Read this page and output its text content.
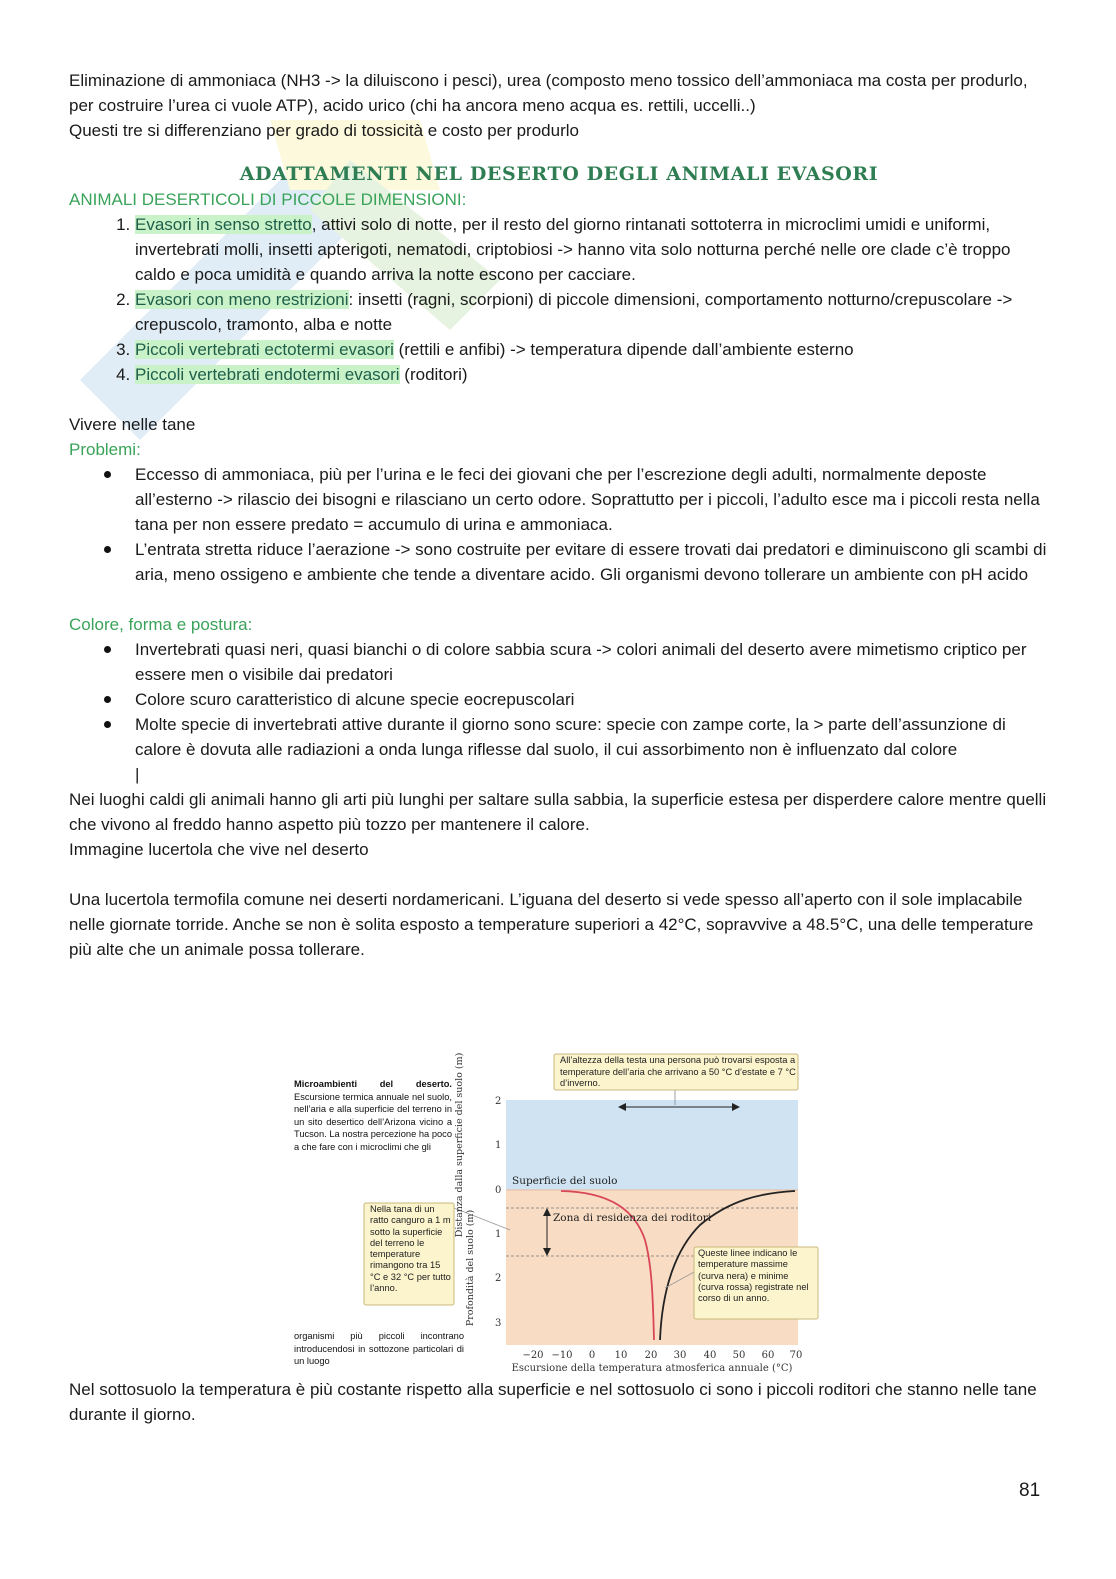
Eliminazione di ammoniaca (NH3 -> la diluiscono i pesci), urea (composto meno tossico dell’ammoniaca ma costa per produrlo, per costruire l’urea ci vuole ATP), acido urico (chi ha ancora meno acqua es. rettili, uccelli..)

Questi tre si differenziano per grado di tossicità e costo per produrlo

ADATTAMENTI NEL DESERTO DEGLI ANIMALI EVASORI

ANIMALI DESERTICOLI DI PICCOLE DIMENSIONI:

1. Evasori in senso stretto, attivi solo di notte, per il resto del giorno rintanati sottoterra in microclimi umidi e uniformi, invertebrati molli, insetti apterigoti, nematodi, criptobiosi -> hanno vita solo notturna perché nelle ore clade c’è troppo caldo e poca umidità e quando arriva la notte escono per cacciare.
2. Evasori con meno restrizioni: insetti (ragni, scorpioni) di piccole dimensioni, comportamento notturno/crepuscolare -> crepuscolo, tramonto, alba e notte
3. Piccoli vertebrati ectotermi evasori (rettili e anfibi) -> temperatura dipende dall’ambiente esterno
4. Piccoli vertebrati endotermi evasori (roditori)

Vivere nelle tane

Problemi:

Eccesso di ammoniaca, più per l’urina e le feci dei giovani che per l’escrezione degli adulti, normalmente deposte all’esterno -> rilascio dei bisogni e rilasciano un certo odore. Soprattutto per i piccoli, l’adulto esce ma i piccoli resta nella tana per non essere predato = accumulo di urina e ammoniaca.
L’entrata stretta riduce l’aerazione -> sono costruite per evitare di essere trovati dai predatori e diminuiscono gli scambi di aria, meno ossigeno e ambiente che tende a diventare acido. Gli organismi devono tollerare un ambiente con pH acido

Colore, forma e postura:

Invertebrati quasi neri, quasi bianchi o di colore sabbia scura -> colori animali del deserto avere mimetismo criptico per essere men o visibile dai predatori
Colore scuro caratteristico di alcune specie eocrepuscolari
Molte specie di invertebrati attive durante il giorno sono scure: specie con zampe corte, la > parte dell’assunzione di calore è dovuta alle radiazioni a onda lunga riflesse dal suolo, il cui assorbimento non è influenzato dal colore

|

Nei luoghi caldi gli animali hanno gli arti più lunghi per saltare sulla sabbia, la superficie estesa per disperdere calore mentre quelli che vivono al freddo hanno aspetto più tozzo per mantenere il calore.

Immagine lucertola che vive nel deserto

Una lucertola termofila comune nei deserti nordamericani. L’iguana del deserto si vede spesso all’aperto con il sole implacabile nelle giornate torride. Anche se non è solita esposto a temperature superiori a 42°C, sopravvive a 48.5°C, una delle temperature più alte che un animale possa tollerare.

Microambienti del deserto. Escursione termica annuale nel suolo, nell’aria e alla superficie del terreno in un sito desertico dell’Arizona vicino a Tucson. La nostra percezione ha poco a che fare con i microclimi che gli
organismi più piccoli incontrano introducendosi in sottozone particolari di un luogo
All’altezza della testa una persona può trovarsi esposta a temperature dell’aria che arrivano a 50 °C d’estate e 7 °C d’inverno.
Nella tana di un ratto canguro a 1 m sotto la superficie del terreno le temperature rimangono tra 15 °C e 32 °C per tutto l’anno.
Queste linee indicano le temperature massime (curva nera) e minime (curva rossa) registrate nel corso di un anno.
Superficie del suolo
Zona di residenza dei roditori
Distanza dalla superficie del suolo (m)
Profondità del suolo (m)
2
1
0
1
2
3
−20 −10 0 10 20 30 40 50 60 70
Escursione della temperatura atmosferica annuale (°C)

Nel sottosuolo la temperatura è più costante rispetto alla superficie e nel sottosuolo ci sono i piccoli roditori che stanno nelle tane durante il giorno.

81
